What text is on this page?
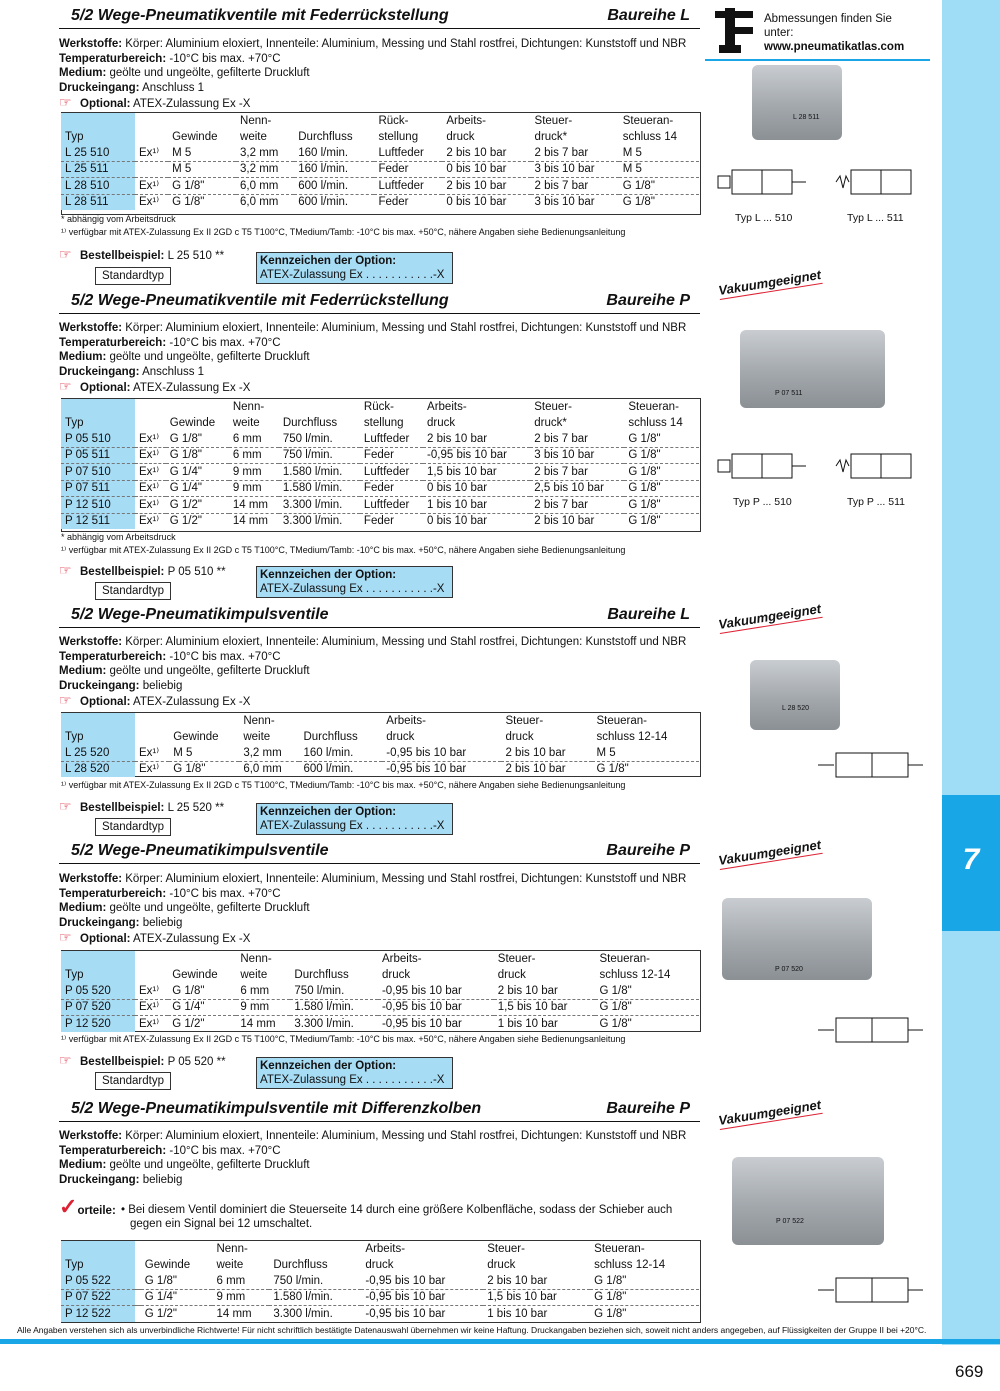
7
Abmessungen finden Sie
unter:
www.pneumatikatlas.com
5/2 Wege-Pneumatikventile mit Federrückstellung	Baureihe L
Werkstoffe: Körper: Aluminium eloxiert, Innenteile: Aluminium, Messing und Stahl rostfrei, Dichtungen: Kunststoff und NBR
Temperaturbereich: -10°C bis max. +70°C
Medium: geölte und ungeölte, gefilterte Druckluft
Druckeingang: Anschluss 1
☞ Optional: ATEX-Zulassung Ex -X
			Nenn-		Rück-	Arbeits-	Steuer-	Steueran-
Typ		Gewinde	weite	Durchfluss	stellung	druck	druck*	schluss 14
L 25 510	Ex¹⁾	M 5	3,2 mm	160 l/min.	Luftfeder	2 bis 10 bar	2 bis 7 bar	M 5
L 25 511		M 5	3,2 mm	160 l/min.	Feder	0 bis 10 bar	3 bis 10 bar	M 5
L 28 510	Ex¹⁾	G 1/8"	6,0 mm	600 l/min.	Luftfeder	2 bis 10 bar	2 bis 7 bar	G 1/8"
L 28 511	Ex¹⁾	G 1/8"	6,0 mm	600 l/min.	Feder	0 bis 10 bar	3 bis 10 bar	G 1/8"
* abhängig vom Arbeitsdruck
¹⁾ verfügbar mit ATEX-Zulassung Ex II 2GD c T5 T100°C, TMedium/Tamb: -10°C bis max. +50°C, nähere Angaben siehe Bedienungsanleitung
☞ Bestellbeispiel: L 25 510 **
Standardtyp
Kennzeichen der Option:
ATEX-Zulassung Ex . . . . . . . . . . .-X
L 28 511
Typ L ... 510	Typ L ... 511
5/2 Wege-Pneumatikventile mit Federrückstellung	Baureihe P
Vakuumgeeignet
Werkstoffe: Körper: Aluminium eloxiert, Innenteile: Aluminium, Messing und Stahl rostfrei, Dichtungen: Kunststoff und NBR
Temperaturbereich: -10°C bis max. +70°C
Medium: geölte und ungeölte, gefilterte Druckluft
Druckeingang: Anschluss 1
☞ Optional: ATEX-Zulassung Ex -X
			Nenn-		Rück-	Arbeits-	Steuer-	Steueran-
Typ		Gewinde	weite	Durchfluss	stellung	druck	druck*	schluss 14
P 05 510	Ex¹⁾	G 1/8"	6 mm	750 l/min.	Luftfeder	2 bis 10 bar	2 bis 7 bar	G 1/8"
P 05 511	Ex¹⁾	G 1/8"	6 mm	750 l/min.	Feder	-0,95 bis 10 bar	3 bis 10 bar	G 1/8"
P 07 510	Ex¹⁾	G 1/4"	9 mm	1.580 l/min.	Luftfeder	1,5 bis 10 bar	2 bis 7 bar	G 1/8"
P 07 511	Ex¹⁾	G 1/4"	9 mm	1.580 l/min.	Feder	0 bis 10 bar	2,5 bis 10 bar	G 1/8"
P 12 510	Ex¹⁾	G 1/2"	14 mm	3.300 l/min.	Luftfeder	1 bis 10 bar	2 bis 7 bar	G 1/8"
P 12 511	Ex¹⁾	G 1/2"	14 mm	3.300 l/min.	Feder	0 bis 10 bar	2 bis 10 bar	G 1/8"
* abhängig vom Arbeitsdruck
¹⁾ verfügbar mit ATEX-Zulassung Ex II 2GD c T5 T100°C, TMedium/Tamb: -10°C bis max. +50°C, nähere Angaben siehe Bedienungsanleitung
☞ Bestellbeispiel: P 05 510 **
Standardtyp
Kennzeichen der Option:
ATEX-Zulassung Ex . . . . . . . . . . .-X
P 07 511
Typ P ... 510	Typ P ... 511
5/2 Wege-Pneumatikimpulsventile	Baureihe L Vakuumgeeignet
Werkstoffe: Körper: Aluminium eloxiert, Innenteile: Aluminium, Messing und Stahl rostfrei, Dichtungen: Kunststoff und NBR
Temperaturbereich: -10°C bis max. +70°C
Medium: geölte und ungeölte, gefilterte Druckluft
Druckeingang: beliebig
☞ Optional: ATEX-Zulassung Ex -X
			Nenn-		Arbeits-	Steuer-	Steueran-
Typ		Gewinde	weite	Durchfluss	druck	druck	schluss 12-14
L 25 520	Ex¹⁾	M 5	3,2 mm	160 l/min.	-0,95 bis 10 bar	2 bis 10 bar	M 5
L 28 520	Ex¹⁾	G 1/8"	6,0 mm	600 l/min.	-0,95 bis 10 bar	2 bis 10 bar	G 1/8"
¹⁾ verfügbar mit ATEX-Zulassung Ex II 2GD c T5 T100°C, TMedium/Tamb: -10°C bis max. +50°C, nähere Angaben siehe Bedienungsanleitung
☞ Bestellbeispiel: L 25 520 **
Standardtyp
Kennzeichen der Option:
ATEX-Zulassung Ex . . . . . . . . . . .-X
L 28 520
5/2 Wege-Pneumatikimpulsventile	Baureihe P Vakuumgeeignet
Werkstoffe: Körper: Aluminium eloxiert, Innenteile: Aluminium, Messing und Stahl rostfrei, Dichtungen: Kunststoff und NBR
Temperaturbereich: -10°C bis max. +70°C
Medium: geölte und ungeölte, gefilterte Druckluft
Druckeingang: beliebig
☞ Optional: ATEX-Zulassung Ex -X
			Nenn-		Arbeits-	Steuer-	Steueran-
Typ		Gewinde	weite	Durchfluss	druck	druck	schluss 12-14
P 05 520	Ex¹⁾	G 1/8"	6 mm	750 l/min.	-0,95 bis 10 bar	2 bis 10 bar	G 1/8"
P 07 520	Ex¹⁾	G 1/4"	9 mm	1.580 l/min.	-0,95 bis 10 bar	1,5 bis 10 bar	G 1/8"
P 12 520	Ex¹⁾	G 1/2"	14 mm	3.300 l/min.	-0,95 bis 10 bar	1 bis 10 bar	G 1/8"
¹⁾ verfügbar mit ATEX-Zulassung Ex II 2GD c T5 T100°C, TMedium/Tamb: -10°C bis max. +50°C, nähere Angaben siehe Bedienungsanleitung
☞ Bestellbeispiel: P 05 520 **
Standardtyp
Kennzeichen der Option:
ATEX-Zulassung Ex . . . . . . . . . . .-X
P 07 520
5/2 Wege-Pneumatikimpulsventile mit Differenzkolben	Baureihe P Vakuumgeeignet
Werkstoffe: Körper: Aluminium eloxiert, Innenteile: Aluminium, Messing und Stahl rostfrei, Dichtungen: Kunststoff und NBR
Temperaturbereich: -10°C bis max. +70°C
Medium: geölte und ungeölte, gefilterte Druckluft
Druckeingang: beliebig
✓orteile: • Bei diesem Ventil dominiert die Steuerseite 14 durch eine größere Kolbenfläche, sodass der Schieber auch
gegen ein Signal bei 12 umschaltet.
			Nenn-		Arbeits-	Steuer-	Steueran-
Typ		Gewinde	weite	Durchfluss	druck	druck	schluss 12-14
P 05 522		G 1/8"	6 mm	750 l/min.	-0,95 bis 10 bar	2 bis 10 bar	G 1/8"
P 07 522		G 1/4"	9 mm	1.580 l/min.	-0,95 bis 10 bar	1,5 bis 10 bar	G 1/8"
P 12 522		G 1/2"	14 mm	3.300 l/min.	-0,95 bis 10 bar	1 bis 10 bar	G 1/8"
P 07 522
Alle Angaben verstehen sich als unverbindliche Richtwerte! Für nicht schriftlich bestätigte Datenauswahl übernehmen wir keine Haftung. Druckangaben beziehen sich, soweit nicht anders angegeben, auf Flüssigkeiten der Gruppe II bei +20°C.
669
